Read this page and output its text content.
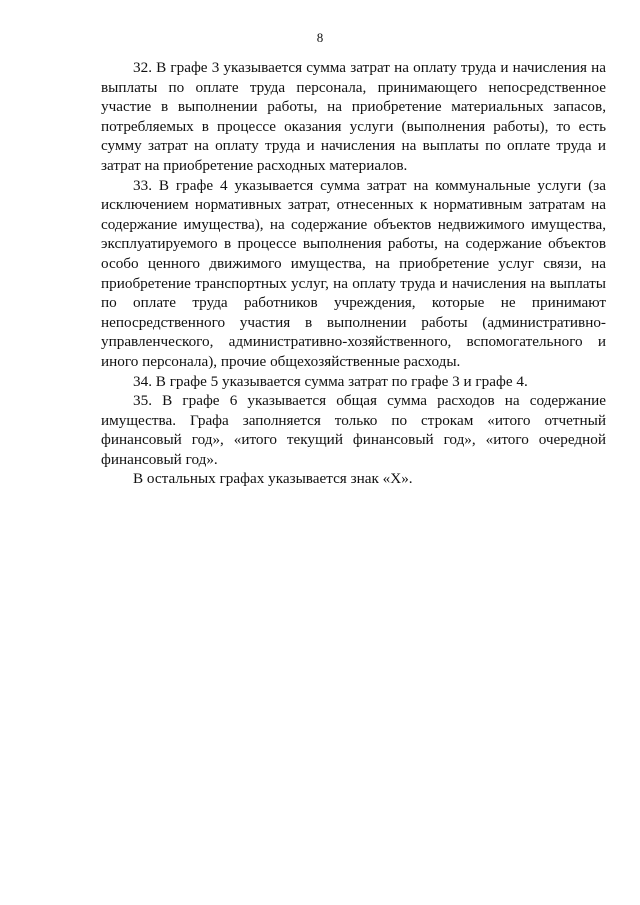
8

32. В графе 3 указывается сумма затрат на оплату труда и начисления на выплаты по оплате труда персонала, принимающего непосредственное участие в выполнении работы, на приобретение материальных запасов, потребляемых в процессе оказания услуги (выполнения работы), то есть сумму затрат на оплату труда и начисления на выплаты по оплате труда и затрат на приобретение расходных материалов.

33. В графе 4 указывается сумма затрат на коммунальные услуги (за исключением нормативных затрат, отнесенных к нормативным затратам на содержание имущества), на содержание объектов недвижимого имущества, эксплуатируемого в процессе выполнения работы, на содержание объектов особо ценного движимого имущества, на приобретение услуг связи, на приобретение транспортных услуг, на оплату труда и начисления на выплаты по оплате труда работников учреждения, которые не принимают непосредственного участия в выполнении работы (административно-управленческого, административно-хозяйственного, вспомогательного и иного персонала), прочие общехозяйственные расходы.

34. В графе 5 указывается сумма затрат по графе 3 и графе 4.

35. В графе 6 указывается общая сумма расходов на содержание имущества. Графа заполняется только по строкам «итого отчетный финансовый год», «итого текущий финансовый год», «итого очередной финансовый год».

В остальных графах указывается знак «Х».
